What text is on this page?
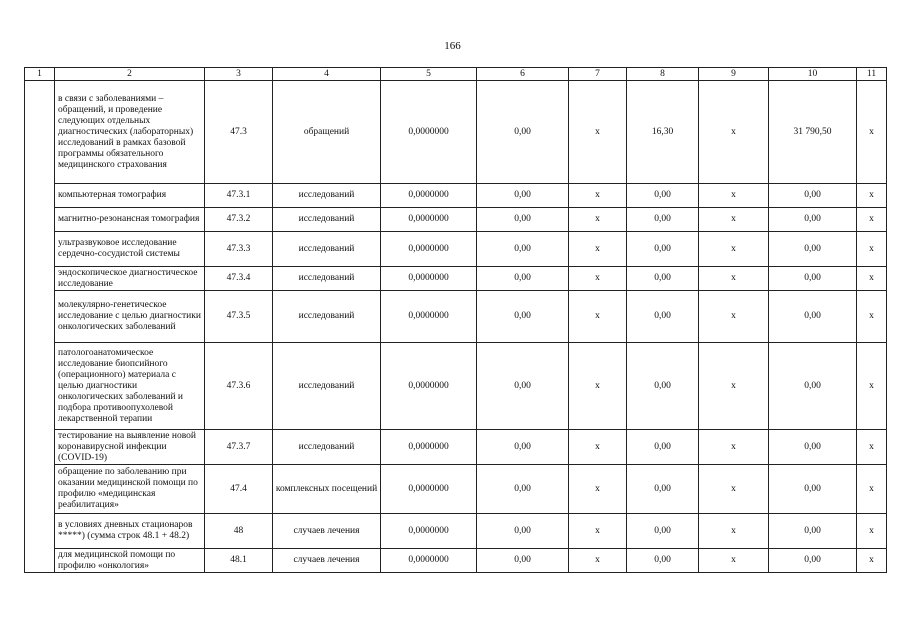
166
1	2	3	4	5	6	7	8	9	10	11
	в связи с заболеваниями – обращений, и проведение следующих отдельных диагностических (лабораторных) исследований в рамках базовой программы обязательного медицинского страхования	47.3	обращений	0,0000000	0,00	х	16,30	х	31 790,50	х
	компьютерная томография	47.3.1	исследований	0,0000000	0,00	х	0,00	х	0,00	х
	магнитно-резонансная томография	47.3.2	исследований	0,0000000	0,00	х	0,00	х	0,00	х
	ультразвуковое исследование сердечно-сосудистой системы	47.3.3	исследований	0,0000000	0,00	х	0,00	х	0,00	х
	эндоскопическое диагностическое исследование	47.3.4	исследований	0,0000000	0,00	х	0,00	х	0,00	х
	молекулярно-генетическое исследование с целью диагностики онкологических заболеваний	47.3.5	исследований	0,0000000	0,00	х	0,00	х	0,00	х
	патологоанатомическое исследование биопсийного (операционного) материала с целью диагностики онкологических заболеваний и подбора противоопухолевой лекарственной терапии	47.3.6	исследований	0,0000000	0,00	х	0,00	х	0,00	х
	тестирование на выявление новой коронавирусной инфекции (COVID-19)	47.3.7	исследований	0,0000000	0,00	х	0,00	х	0,00	х
	обращение по заболеванию при оказании медицинской помощи по профилю «медицинская реабилитация»	47.4	комплексных посещений	0,0000000	0,00	х	0,00	х	0,00	х
	в условиях дневных стационаров *****) (сумма строк 48.1 + 48.2)	48	случаев лечения	0,0000000	0,00	х	0,00	х	0,00	х
	для медицинской помощи по профилю «онкология»	48.1	случаев лечения	0,0000000	0,00	х	0,00	х	0,00	х
